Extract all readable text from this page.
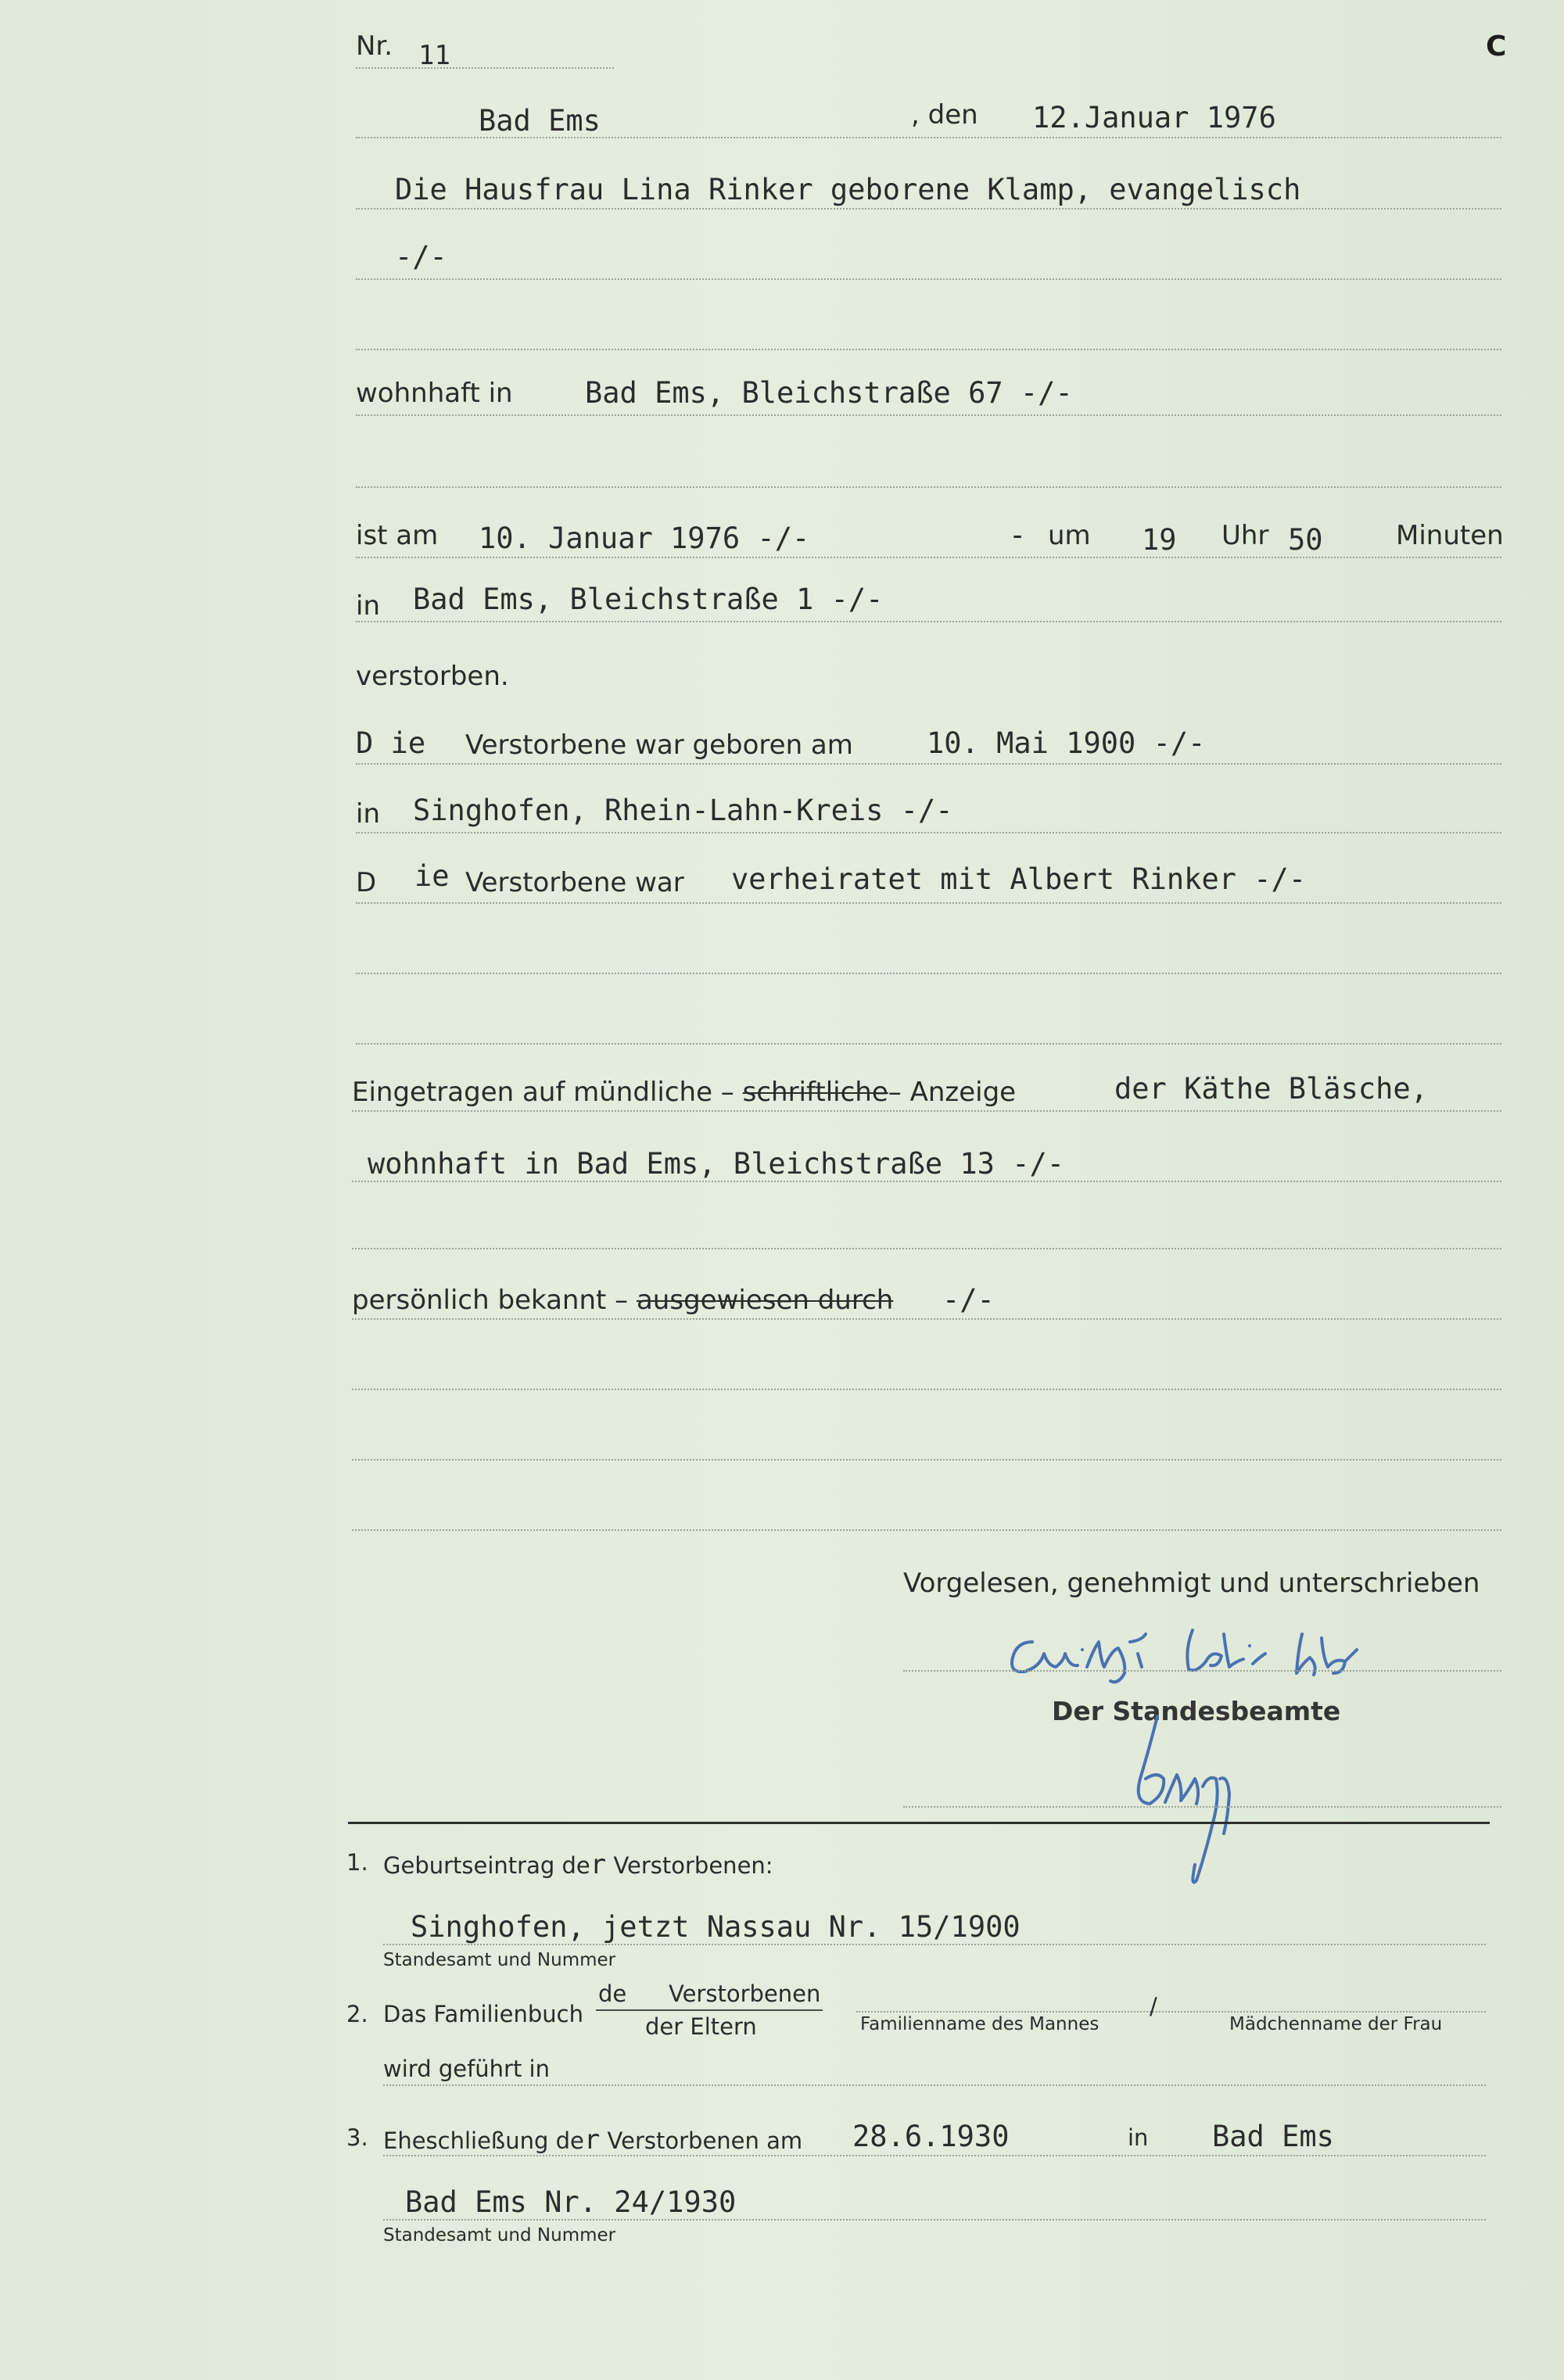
Nr. 11	C
Bad Ems	, den 12.Januar 1976
Die Hausfrau Lina Rinker geborene Klamp, evangelisch
-/-
wohnhaft in Bad Ems, Bleichstraße 67 -/-
ist am 10. Januar 1976 -/-	- um 19 Uhr 50	Minuten
in Bad Ems, Bleichstraße 1 -/-
verstorben.
D ie Verstorbene war geboren am	10. Mai 1900 -/-
in Singhofen, Rhein-Lahn-Kreis -/-
D ie Verstorbene war verheiratet mit Albert Rinker -/-
Eingetragen auf mündliche – schriftliche– Anzeige	der Käthe Bläsche,
wohnhaft in Bad Ems, Bleichstraße 13 -/-
persönlich bekannt – ausgewiesen durch -/-
Vorgelesen, genehmigt und unterschrieben
Der Standesbeamte
1. Geburtseintrag der Verstorbenen:
Singhofen, jetzt Nassau Nr. 15/1900
Standesamt und Nummer
2. Das Familienbuch
de Verstorbenen
der Eltern	Familienname des Mannes
/
Mädchenname der Frau
wird geführt in
3. Eheschließung der Verstorbenen am 28.6.1930	in Bad Ems
Bad Ems Nr. 24/1930
Standesamt und Nummer
